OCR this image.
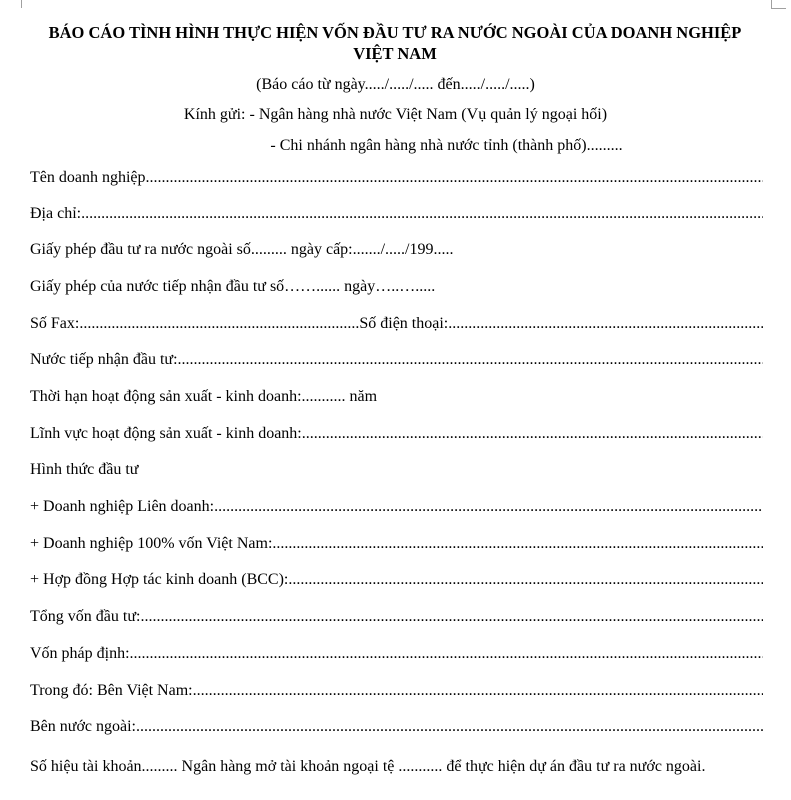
BÁO CÁO TÌNH HÌNH THỰC HIỆN VỐN ĐẦU TƯ RA NƯỚC NGOÀI CỦA DOANH NGHIỆP VIỆT NAM
(Báo cáo từ ngày...../...../..... đến...../...../.....)
Kính gửi: - Ngân hàng nhà nước Việt Nam (Vụ quản lý ngoại hối)
- Chi nhánh ngân hàng nhà nước tỉnh (thành phố).........
Tên doanh nghiệp
.....
Địa chỉ:
.....
Giấy phép đầu tư ra nước ngoài số......... ngày cấp:......./...../199.....
Giấy phép của nước tiếp nhận đầu tư số……...... ngày…..….....
Số Fax:...................................................................... Số điện thoại:
.....
Nước tiếp nhận đầu tư:
.....
Thời hạn hoạt động sản xuất - kinh doanh:........... năm
Lĩnh vực hoạt động sản xuất - kinh doanh:
.....
Hình thức đầu tư
+ Doanh nghiệp Liên doanh:
.....
+ Doanh nghiệp 100% vốn Việt Nam:
.....
+ Hợp đồng Hợp tác kinh doanh (BCC):
.....
Tổng vốn đầu tư:
.....
Vốn pháp định:
.....
Trong đó: Bên Việt Nam:
.....
Bên nước ngoài:
.....
Số hiệu tài khoản......... Ngân hàng mở tài khoản ngoại tệ ........... để thực hiện dự án đầu tư ra nước ngoài.
